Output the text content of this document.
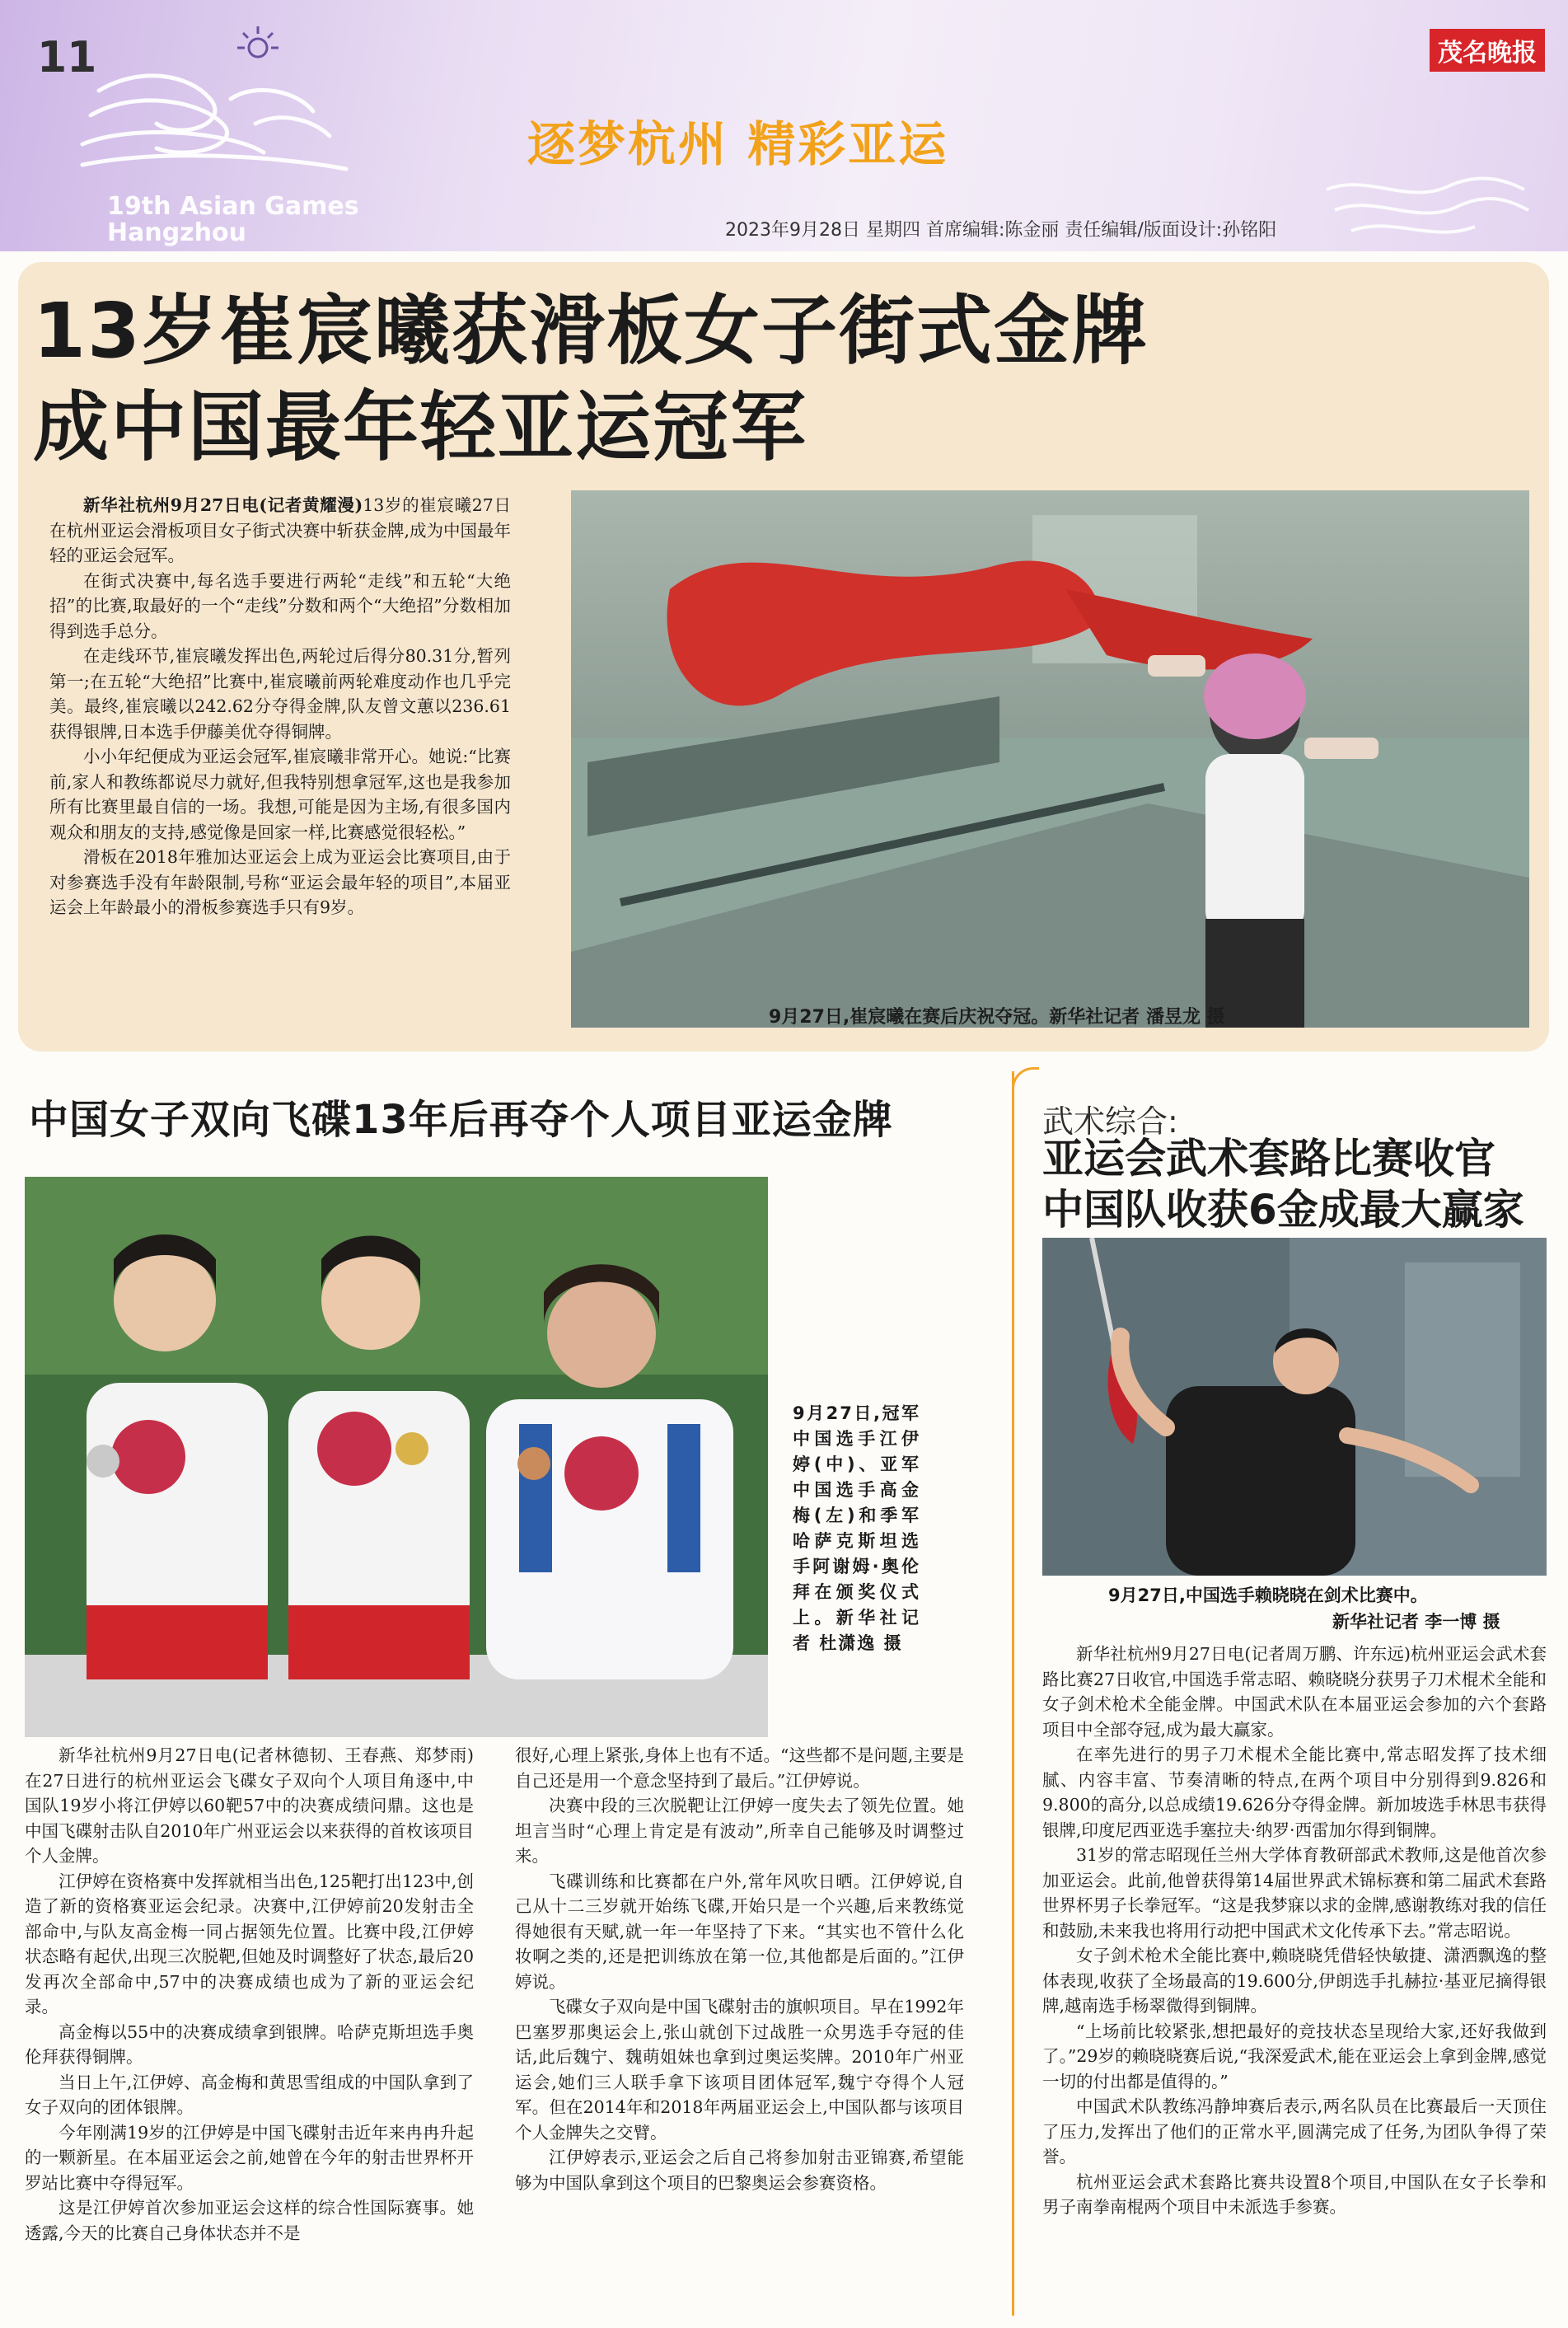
11
19th Asian Games
Hangzhou
逐梦杭州 精彩亚运
茂名晚报
2023年9月28日 星期四 首席编辑:陈金丽 责任编辑/版面设计:孙铭阳
13岁崔宸曦获滑板女子街式金牌
成中国最年轻亚运冠军

新华社杭州9月27日电(记者黄耀漫)13岁的崔宸曦27日在杭州亚运会滑板项目女子街式决赛中斩获金牌,成为中国最年轻的亚运会冠军。

在街式决赛中,每名选手要进行两轮“走线”和五轮“大绝招”的比赛,取最好的一个“走线”分数和两个“大绝招”分数相加得到选手总分。

在走线环节,崔宸曦发挥出色,两轮过后得分80.31分,暂列第一;在五轮“大绝招”比赛中,崔宸曦前两轮难度动作也几乎完美。最终,崔宸曦以242.62分夺得金牌,队友曾文蕙以236.61获得银牌,日本选手伊藤美优夺得铜牌。

小小年纪便成为亚运会冠军,崔宸曦非常开心。她说:“比赛前,家人和教练都说尽力就好,但我特别想拿冠军,这也是我参加所有比赛里最自信的一场。我想,可能是因为主场,有很多国内观众和朋友的支持,感觉像是回家一样,比赛感觉很轻松。”

滑板在2018年雅加达亚运会上成为亚运会比赛项目,由于对参赛选手没有年龄限制,号称“亚运会最年轻的项目”,本届亚运会上年龄最小的滑板参赛选手只有9岁。

9月27日,崔宸曦在赛后庆祝夺冠。新华社记者 潘昱龙 摄
中国女子双向飞碟13年后再夺个人项目亚运金牌
9月27日,冠军中国选手江伊婷(中)、亚军中国选手高金梅(左)和季军哈萨克斯坦选手阿谢姆·奥伦拜在颁奖仪式上。新华社记者 杜潇逸 摄

新华社杭州9月27日电(记者林德韧、王春燕、郑梦雨)在27日进行的杭州亚运会飞碟女子双向个人项目角逐中,中国队19岁小将江伊婷以60靶57中的决赛成绩问鼎。这也是中国飞碟射击队自2010年广州亚运会以来获得的首枚该项目个人金牌。

江伊婷在资格赛中发挥就相当出色,125靶打出123中,创造了新的资格赛亚运会纪录。决赛中,江伊婷前20发射击全部命中,与队友高金梅一同占据领先位置。比赛中段,江伊婷状态略有起伏,出现三次脱靶,但她及时调整好了状态,最后20发再次全部命中,57中的决赛成绩也成为了新的亚运会纪录。

高金梅以55中的决赛成绩拿到银牌。哈萨克斯坦选手奥伦拜获得铜牌。

当日上午,江伊婷、高金梅和黄思雪组成的中国队拿到了女子双向的团体银牌。

今年刚满19岁的江伊婷是中国飞碟射击近年来冉冉升起的一颗新星。在本届亚运会之前,她曾在今年的射击世界杯开罗站比赛中夺得冠军。

这是江伊婷首次参加亚运会这样的综合性国际赛事。她透露,今天的比赛自己身体状态并不是

很好,心理上紧张,身体上也有不适。“这些都不是问题,主要是自己还是用一个意念坚持到了最后。”江伊婷说。

决赛中段的三次脱靶让江伊婷一度失去了领先位置。她坦言当时“心理上肯定是有波动”,所幸自己能够及时调整过来。

飞碟训练和比赛都在户外,常年风吹日晒。江伊婷说,自己从十二三岁就开始练飞碟,开始只是一个兴趣,后来教练觉得她很有天赋,就一年一年坚持了下来。“其实也不管什么化妆啊之类的,还是把训练放在第一位,其他都是后面的。”江伊婷说。

飞碟女子双向是中国飞碟射击的旗帜项目。早在1992年巴塞罗那奥运会上,张山就创下过战胜一众男选手夺冠的佳话,此后魏宁、魏萌姐妹也拿到过奥运奖牌。2010年广州亚运会,她们三人联手拿下该项目团体冠军,魏宁夺得个人冠军。但在2014年和2018年两届亚运会上,中国队都与该项目个人金牌失之交臂。

江伊婷表示,亚运会之后自己将参加射击亚锦赛,希望能够为中国队拿到这个项目的巴黎奥运会参赛资格。

武术综合:
亚运会武术套路比赛收官
中国队收获6金成最大赢家
9月27日,中国选手赖晓晓在剑术比赛中。
新华社记者 李一博 摄

新华社杭州9月27日电(记者周万鹏、许东远)杭州亚运会武术套路比赛27日收官,中国选手常志昭、赖晓晓分获男子刀术棍术全能和女子剑术枪术全能金牌。中国武术队在本届亚运会参加的六个套路项目中全部夺冠,成为最大赢家。

在率先进行的男子刀术棍术全能比赛中,常志昭发挥了技术细腻、内容丰富、节奏清晰的特点,在两个项目中分别得到9.826和9.800的高分,以总成绩19.626分夺得金牌。新加坡选手林思韦获得银牌,印度尼西亚选手塞拉夫·纳罗·西雷加尔得到铜牌。

31岁的常志昭现任兰州大学体育教研部武术教师,这是他首次参加亚运会。此前,他曾获得第14届世界武术锦标赛和第二届武术套路世界杯男子长拳冠军。“这是我梦寐以求的金牌,感谢教练对我的信任和鼓励,未来我也将用行动把中国武术文化传承下去。”常志昭说。

女子剑术枪术全能比赛中,赖晓晓凭借轻快敏捷、潇洒飘逸的整体表现,收获了全场最高的19.600分,伊朗选手扎赫拉·基亚尼摘得银牌,越南选手杨翠微得到铜牌。

“上场前比较紧张,想把最好的竞技状态呈现给大家,还好我做到了。”29岁的赖晓晓赛后说,“我深爱武术,能在亚运会上拿到金牌,感觉一切的付出都是值得的。”

中国武术队教练冯静坤赛后表示,两名队员在比赛最后一天顶住了压力,发挥出了他们的正常水平,圆满完成了任务,为团队争得了荣誉。

杭州亚运会武术套路比赛共设置8个项目,中国队在女子长拳和男子南拳南棍两个项目中未派选手参赛。
